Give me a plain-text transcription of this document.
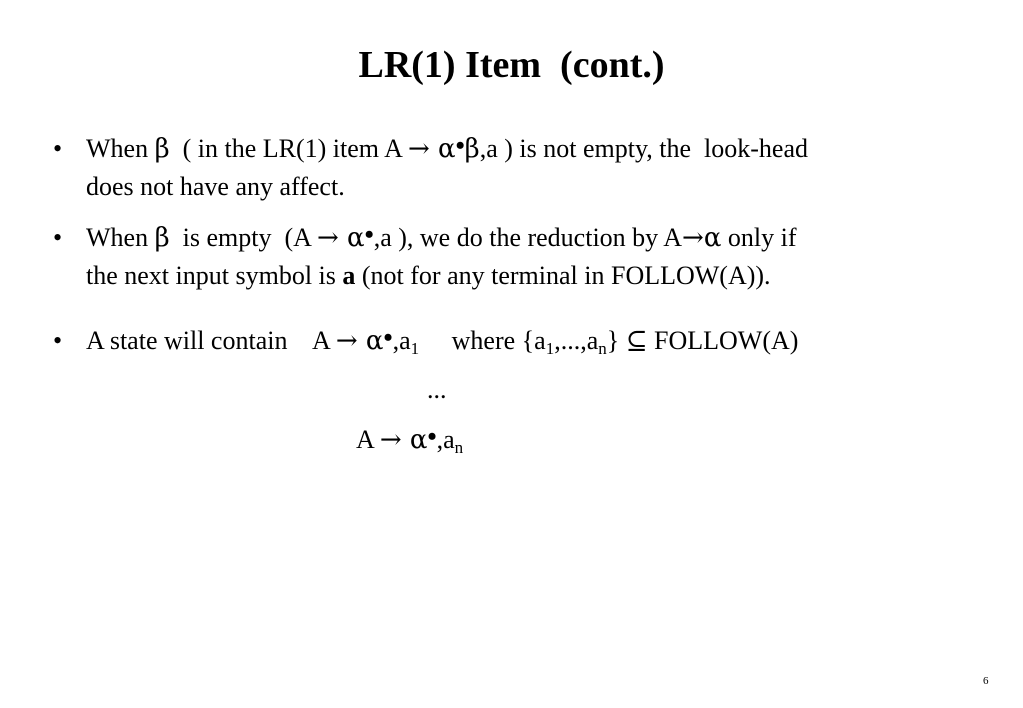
LR(1) Item  (cont.)
• When β  ( in the LR(1) item A → α•β,a ) is not empty, the  look-head
does not have any affect.
• When β  is empty  (A → α•,a ), we do the reduction by A→α only if
the next input symbol is a (not for any terminal in FOLLOW(A)).
• A state will contain    $A \to \alpha•,a_1$     where $\{a_1,...,a_n\}$ ⊆ FOLLOW(A)
...
$A \to \alpha•,a_n$
6
